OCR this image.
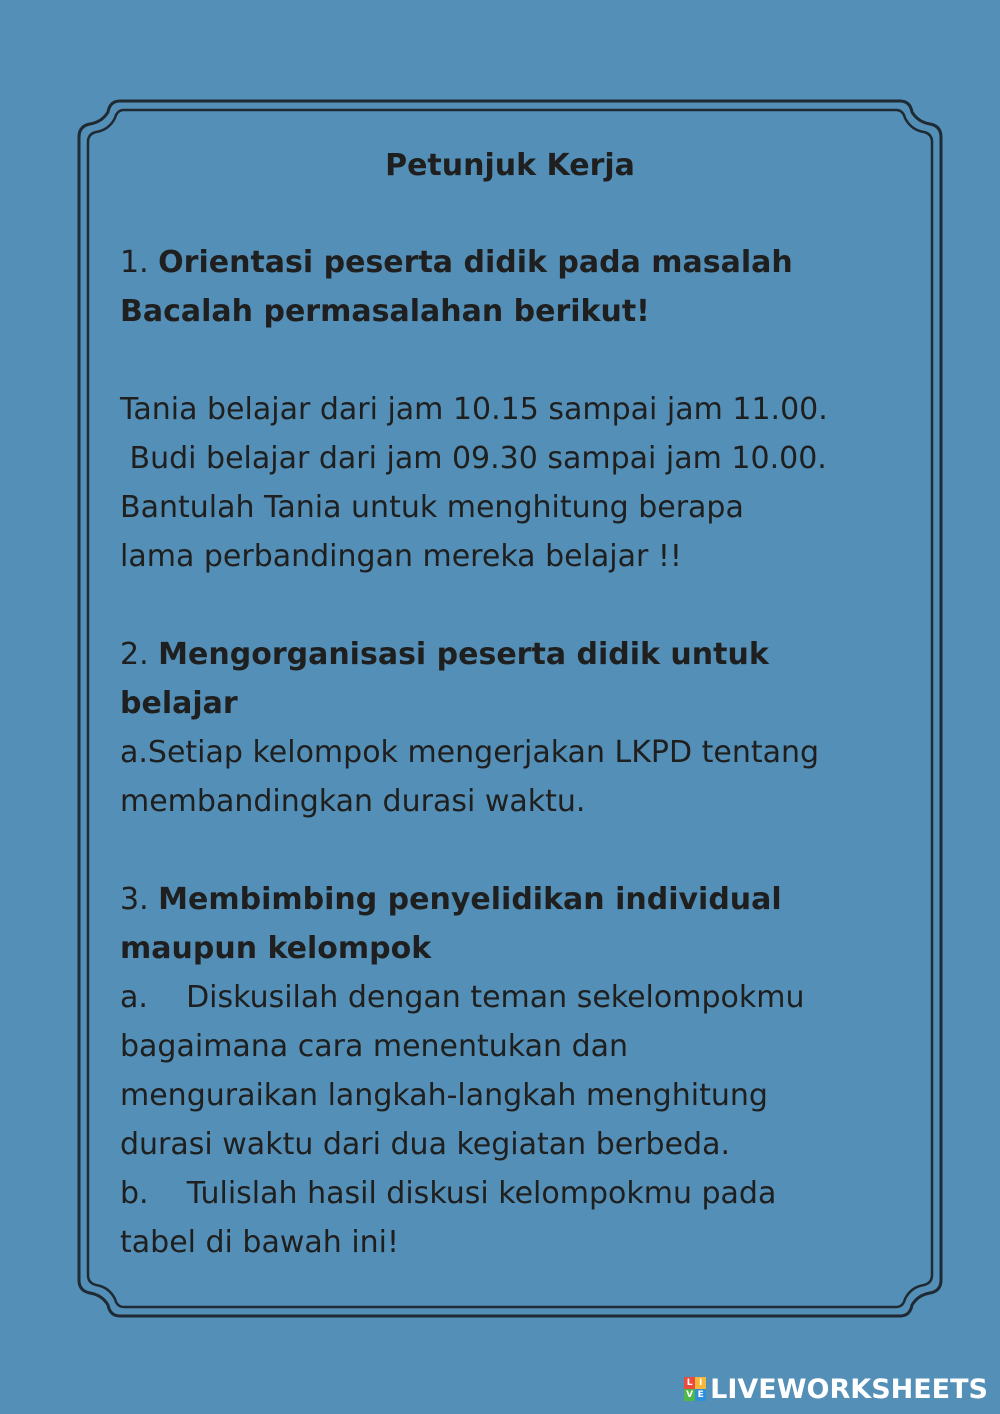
Petunjuk Kerja
1. Orientasi peserta didik pada masalah
Bacalah permasalahan berikut!
Tania belajar dari jam 10.15 sampai jam 11.00.
Budi belajar dari jam 09.30 sampai jam 10.00.
Bantulah Tania untuk menghitung berapa
lama perbandingan mereka belajar !!
2. Mengorganisasi peserta didik untuk
belajar
a.Setiap kelompok mengerjakan LKPD tentang
membandingkan durasi waktu.
3. Membimbing penyelidikan individual
maupun kelompok
a.    Diskusilah dengan teman sekelompokmu
bagaimana cara menentukan dan
menguraikan langkah-langkah menghitung
durasi waktu dari dua kegiatan berbeda.
b.    Tulislah hasil diskusi kelompokmu pada
tabel di bawah ini!
L I
V E LIVEWORKSHEETS
